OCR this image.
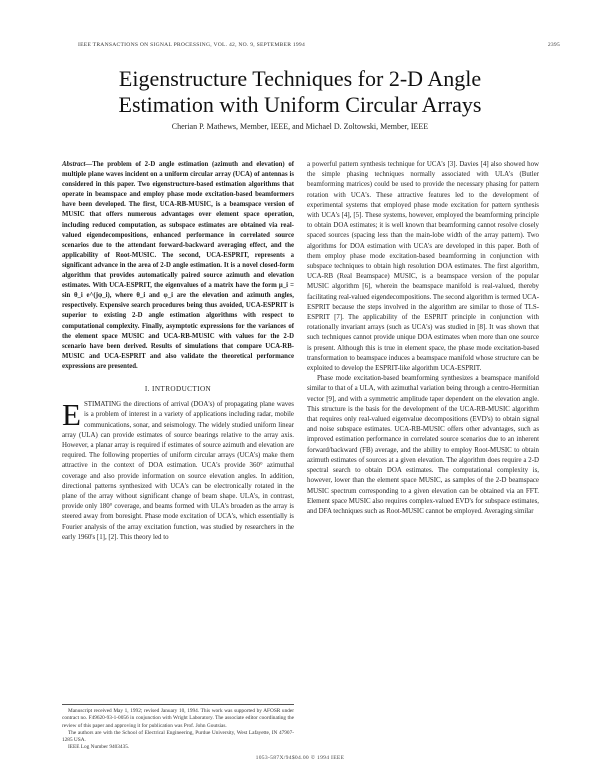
IEEE TRANSACTIONS ON SIGNAL PROCESSING, VOL. 42, NO. 9, SEPTEMBER 1994	2395
Eigenstructure Techniques for 2-D Angle
Estimation with Uniform Circular Arrays
Cherian P. Mathews, Member, IEEE, and Michael D. Zoltowski, Member, IEEE

Abstract—The problem of 2-D angle estimation (azimuth and elevation) of multiple plane waves incident on a uniform circular array (UCA) of antennas is considered in this paper. Two eigenstructure-based estimation algorithms that operate in beamspace and employ phase mode excitation-based beamformers have been developed. The first, UCA-RB-MUSIC, is a beamspace version of MUSIC that offers numerous advantages over element space operation, including reduced computation, as subspace estimates are obtained via real-valued eigendecompositions, enhanced performance in correlated source scenarios due to the attendant forward-backward averaging effect, and the applicability of Root-MUSIC. The second, UCA-ESPRIT, represents a significant advance in the area of 2-D angle estimation. It is a novel closed-form algorithm that provides automatically paired source azimuth and elevation estimates. With UCA-ESPRIT, the eigenvalues of a matrix have the form μ_i = sin θ_i e^(jφ_i), where θ_i and φ_i are the elevation and azimuth angles, respectively. Expensive search procedures being thus avoided, UCA-ESPRIT is superior to existing 2-D angle estimation algorithms with respect to computational complexity. Finally, asymptotic expressions for the variances of the element space MUSIC and UCA-RB-MUSIC with values for the 2-D scenario have been derived. Results of simulations that compare UCA-RB-MUSIC and UCA-ESPRIT and also validate the theoretical performance expressions are presented.

I. INTRODUCTION

ESTIMATING the directions of arrival (DOA's) of propagating plane waves is a problem of interest in a variety of applications including radar, mobile communications, sonar, and seismology. The widely studied uniform linear array (ULA) can provide estimates of source bearings relative to the array axis. However, a planar array is required if estimates of source azimuth and elevation are required. The following properties of uniform circular arrays (UCA's) make them attractive in the context of DOA estimation. UCA's provide 360° azimuthal coverage and also provide information on source elevation angles. In addition, directional patterns synthesized with UCA's can be electronically rotated in the plane of the array without significant change of beam shape. ULA's, in contrast, provide only 180° coverage, and beams formed with ULA's broaden as the array is steered away from boresight. Phase mode excitation of UCA's, which essentially is Fourier analysis of the array excitation function, was studied by researchers in the early 1960's [1], [2]. This theory led to

Manuscript received May 1, 1992; revised January 10, 1994. This work was supported by AFOSR under contract no. F49620-93-1-0056 in conjunction with Wright Laboratory. The associate editor coordinating the review of this paper and approving it for publication was Prof. John Goutsias.

The authors are with the School of Electrical Engineering, Purdue University, West Lafayette, IN 47907-1285 USA.

IEEE Log Number 9403435.

a powerful pattern synthesis technique for UCA's [3]. Davies [4] also showed how the simple phasing techniques normally associated with ULA's (Butler beamforming matrices) could be used to provide the necessary phasing for pattern rotation with UCA's. These attractive features led to the development of experimental systems that employed phase mode excitation for pattern synthesis with UCA's [4], [5]. These systems, however, employed the beamforming principle to obtain DOA estimates; it is well known that beamforming cannot resolve closely spaced sources (spacing less than the main-lobe width of the array pattern). Two algorithms for DOA estimation with UCA's are developed in this paper. Both of them employ phase mode excitation-based beamforming in conjunction with subspace techniques to obtain high resolution DOA estimates. The first algorithm, UCA-RB (Real Beamspace) MUSIC, is a beamspace version of the popular MUSIC algorithm [6], wherein the beamspace manifold is real-valued, thereby facilitating real-valued eigendecompositions. The second algorithm is termed UCA-ESPRIT because the steps involved in the algorithm are similar to those of TLS-ESPRIT [7]. The applicability of the ESPRIT principle in conjunction with rotationally invariant arrays (such as UCA's) was studied in [8]. It was shown that such techniques cannot provide unique DOA estimates when more than one source is present. Although this is true in element space, the phase mode excitation-based transformation to beamspace induces a beamspace manifold whose structure can be exploited to develop the ESPRIT-like algorithm UCA-ESPRIT.

Phase mode excitation-based beamforming synthesizes a beamspace manifold similar to that of a ULA, with azimuthal variation being through a centro-Hermitian vector [9], and with a symmetric amplitude taper dependent on the elevation angle. This structure is the basis for the development of the UCA-RB-MUSIC algorithm that requires only real-valued eigenvalue decompositions (EVD's) to obtain signal and noise subspace estimates. UCA-RB-MUSIC offers other advantages, such as improved estimation performance in correlated source scenarios due to an inherent forward/backward (FB) average, and the ability to employ Root-MUSIC to obtain azimuth estimates of sources at a given elevation. The algorithm does require a 2-D spectral search to obtain DOA estimates. The computational complexity is, however, lower than the element space MUSIC, as samples of the 2-D beamspace MUSIC spectrum corresponding to a given elevation can be obtained via an FFT. Element space MUSIC also requires complex-valued EVD's for subspace estimates, and DFA techniques such as Root-MUSIC cannot be employed. Averaging similar

1053-587X/94$04.00 © 1994 IEEE
